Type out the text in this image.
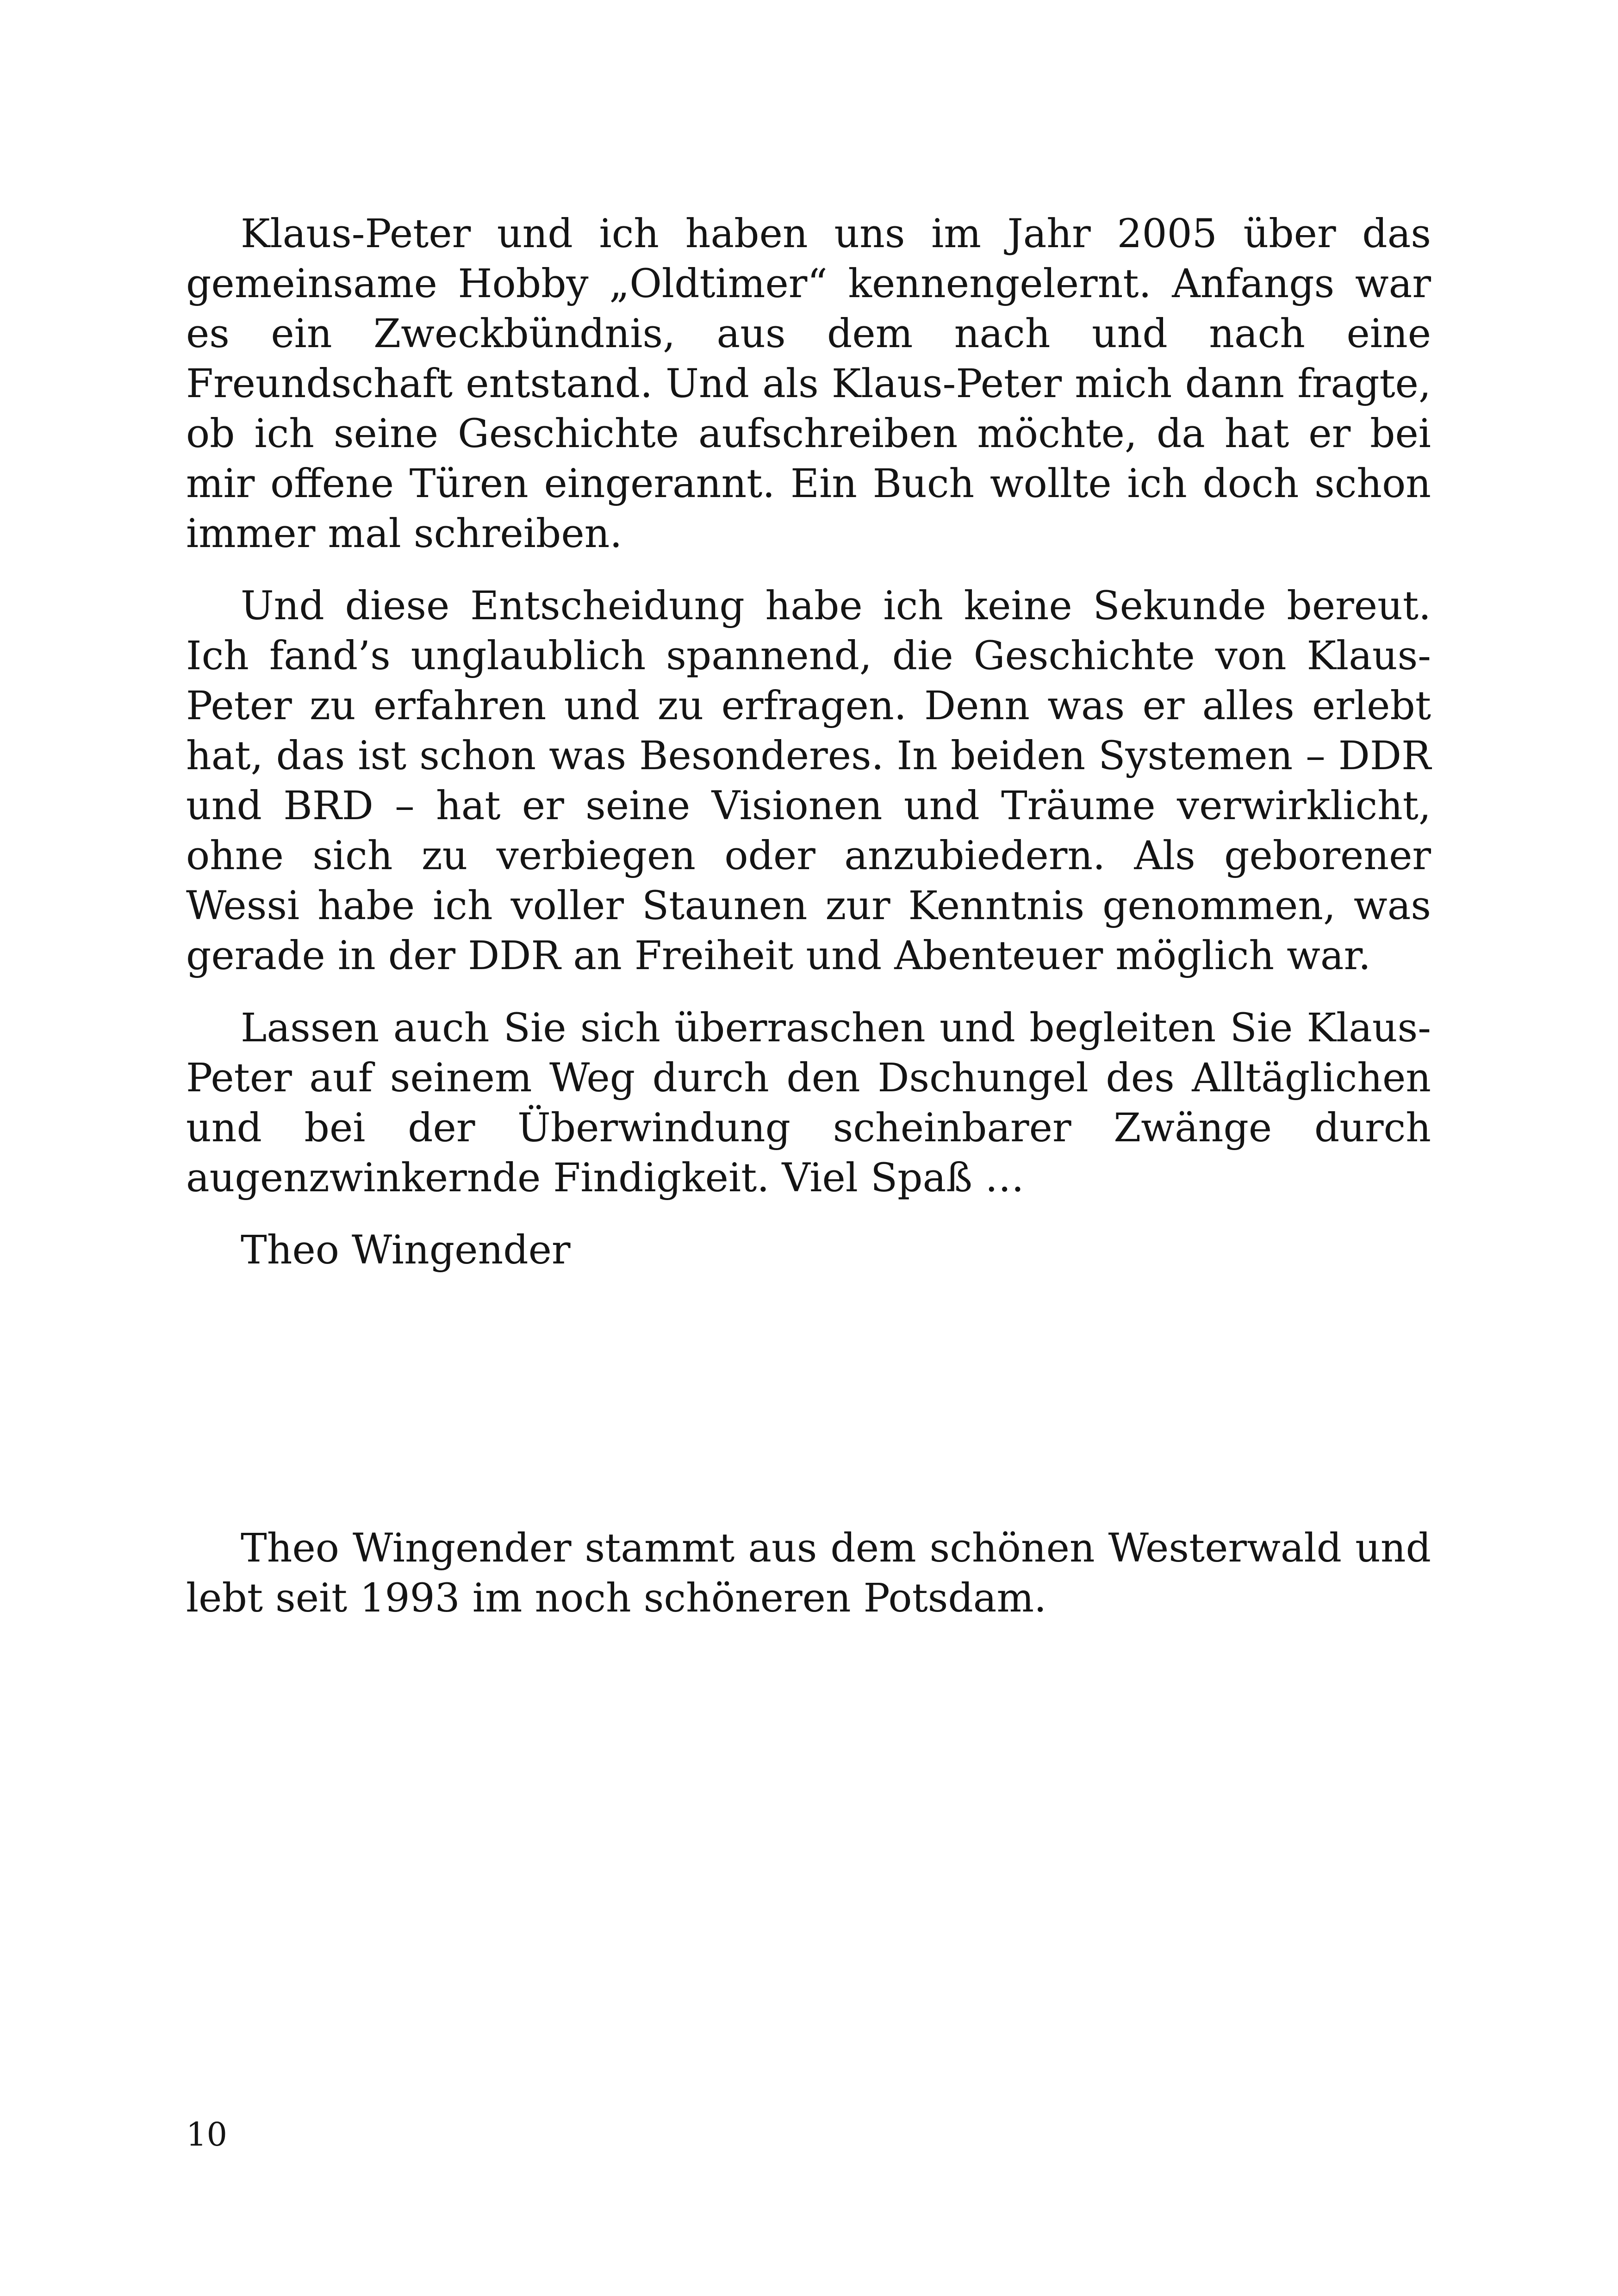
Klaus-Peter und ich haben uns im Jahr 2005 über das gemeinsame Hobby „Oldtimer“ kennengelernt. Anfangs war es ein Zweckbündnis, aus dem nach und nach eine Freundschaft entstand. Und als Klaus-Peter mich dann fragte, ob ich seine Geschichte aufschreiben möchte, da hat er bei mir offene Türen eingerannt. Ein Buch wollte ich doch schon immer mal schreiben.

Und diese Entscheidung habe ich keine Sekunde bereut. Ich fand’s unglaublich spannend, die Geschichte von Klaus-Peter zu erfahren und zu erfragen. Denn was er alles erlebt hat, das ist schon was Besonderes. In beiden Systemen – DDR und BRD – hat er seine Visionen und Träume verwirklicht, ohne sich zu verbiegen oder anzubiedern. Als geborener Wessi habe ich voller Staunen zur Kenntnis genommen, was gerade in der DDR an Freiheit und Abenteuer möglich war.

Lassen auch Sie sich überraschen und begleiten Sie Klaus-Peter auf seinem Weg durch den Dschungel des Alltäglichen und bei der Überwindung scheinbarer Zwänge durch augenzwinkernde Findigkeit. Viel Spaß …

Theo Wingender

Theo Wingender stammt aus dem schönen Westerwald und lebt seit 1993 im noch schöneren Potsdam.

10
